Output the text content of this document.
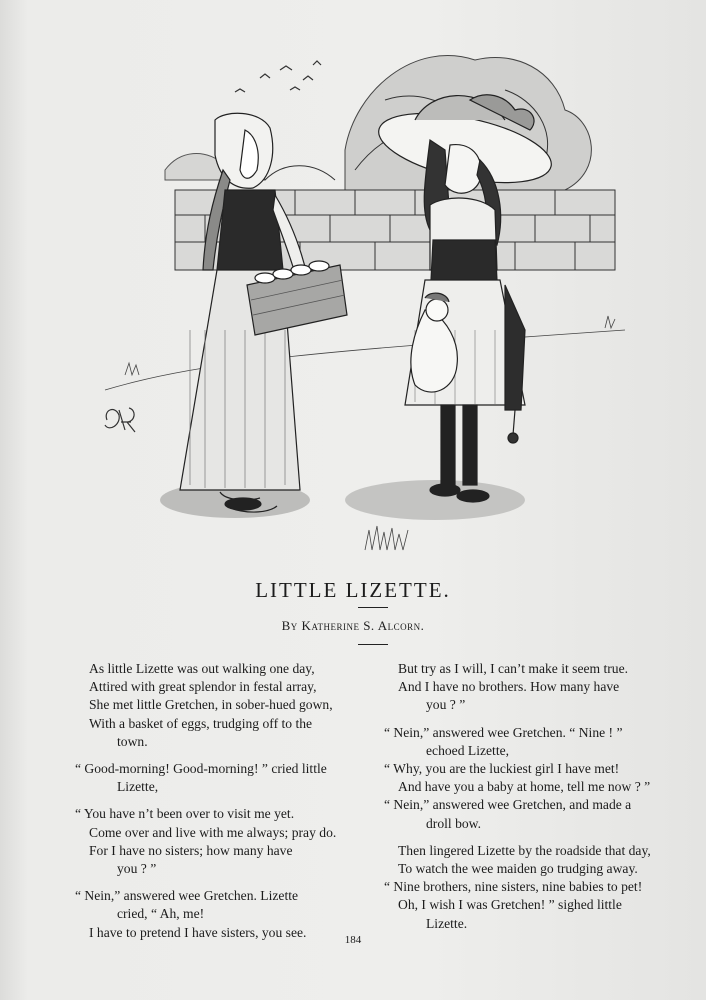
LITTLE LIZETTE.
By Katherine S. Alcorn.
As little Lizette was out walking one day,
Attired with great splendor in festal array,
She met little Gretchen, in sober-hued gown,
With a basket of eggs, trudging off to the
town.
“ Good-morning! Good-morning! ” cried little
Lizette,
“ You have n’t been over to visit me yet.
Come over and live with me always; pray do.
For I have no sisters; how many have
you ? ”
“ Nein,” answered wee Gretchen. Lizette
cried, “ Ah, me!
I have to pretend I have sisters, you see.
But try as I will, I can’t make it seem true.
And I have no brothers. How many have
you ? ”
“ Nein,” answered wee Gretchen. “ Nine ! ”
echoed Lizette,
“ Why, you are the luckiest girl I have met!
And have you a baby at home, tell me now ? ”
“ Nein,” answered wee Gretchen, and made a
droll bow.
Then lingered Lizette by the roadside that day,
To watch the wee maiden go trudging away.
“ Nine brothers, nine sisters, nine babies to pet!
Oh, I wish I was Gretchen! ” sighed little
Lizette.
184
